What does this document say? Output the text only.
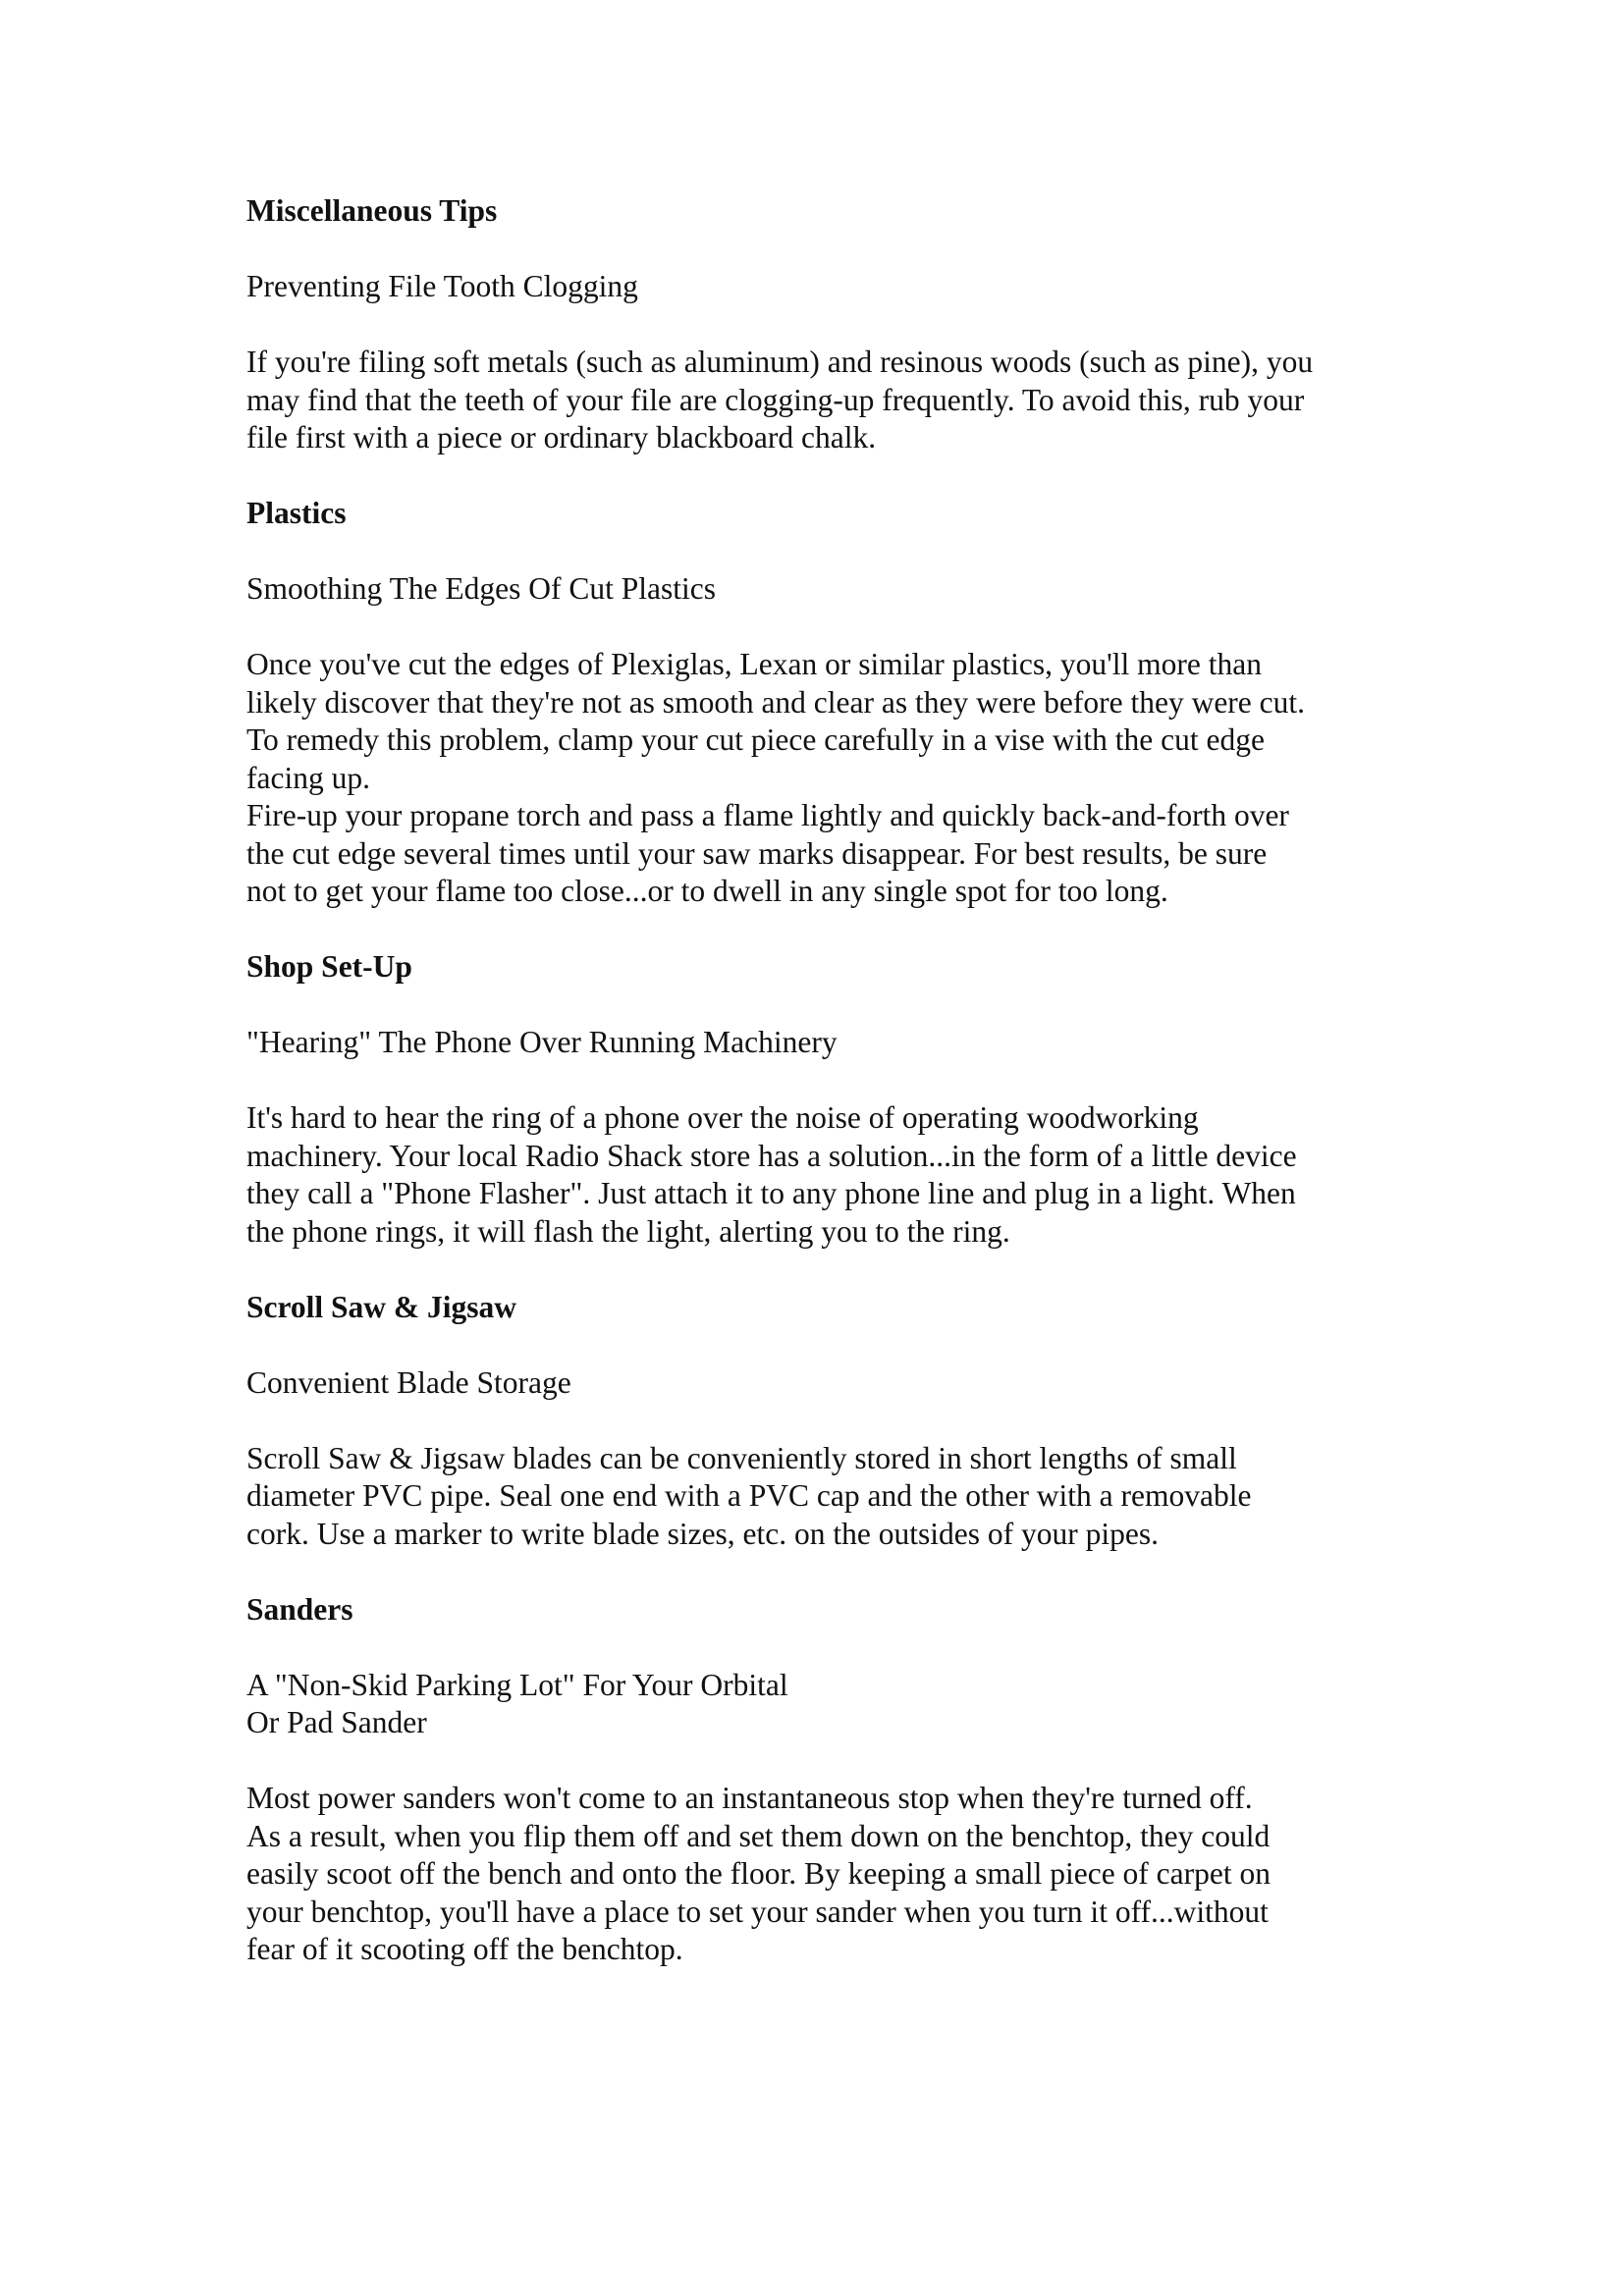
Miscellaneous Tips

Preventing File Tooth Clogging

If you're filing soft metals (such as aluminum) and resinous woods (such as pine), you
may find that the teeth of your file are clogging-up frequently. To avoid this, rub your
file first with a piece or ordinary blackboard chalk.

Plastics

Smoothing The Edges Of Cut Plastics

Once you've cut the edges of Plexiglas, Lexan or similar plastics, you'll more than
likely discover that they're not as smooth and clear as they were before they were cut.
To remedy this problem, clamp your cut piece carefully in a vise with the cut edge
facing up.
Fire-up your propane torch and pass a flame lightly and quickly back-and-forth over
the cut edge several times until your saw marks disappear. For best results, be sure
not to get your flame too close...or to dwell in any single spot for too long.

Shop Set-Up

"Hearing" The Phone Over Running Machinery

It's hard to hear the ring of a phone over the noise of operating woodworking
machinery. Your local Radio Shack store has a solution...in the form of a little device
they call a "Phone Flasher". Just attach it to any phone line and plug in a light. When
the phone rings, it will flash the light, alerting you to the ring.

Scroll Saw & Jigsaw

Convenient Blade Storage

Scroll Saw & Jigsaw blades can be conveniently stored in short lengths of small
diameter PVC pipe. Seal one end with a PVC cap and the other with a removable
cork. Use a marker to write blade sizes, etc. on the outsides of your pipes.

Sanders

A "Non-Skid Parking Lot" For Your Orbital
Or Pad Sander

Most power sanders won't come to an instantaneous stop when they're turned off.
As a result, when you flip them off and set them down on the benchtop, they could
easily scoot off the bench and onto the floor. By keeping a small piece of carpet on
your benchtop, you'll have a place to set your sander when you turn it off...without
fear of it scooting off the benchtop.
